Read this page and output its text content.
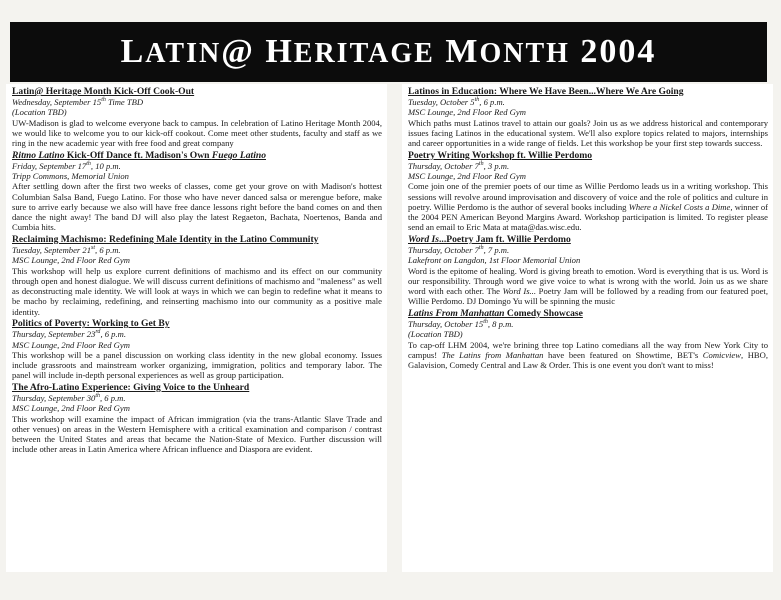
LATIN@ HERITAGE MONTH 2004
Latin@ Heritage Month Kick-Off Cook-Out
Wednesday, September 15th Time TBD
(Location TBD)
UW-Madison is glad to welcome everyone back to campus. In celebration of Latino Heritage Month 2004, we would like to welcome you to our kick-off cookout. Come meet other students, faculty and staff as we ring in the new academic year with free food and great company
Ritmo Latino Kick-Off Dance ft. Madison's Own Fuego Latino
Friday, September 17th, 10 p.m.
Tripp Commons, Memorial Union
After settling down after the first two weeks of classes, come get your grove on with Madison's hottest Columbian Salsa Band, Fuego Latino. For those who have never danced salsa or merengue before, make sure to arrive early because we also will have free dance lessons right before the band comes on and then dance the night away! The band DJ will also play the latest Regaeton, Bachata, Noertenos, Banda and Cumbia hits.
Reclaiming Machismo: Redefining Male Identity in the Latino Community
Tuesday, September 21st, 6 p.m.
MSC Lounge, 2nd Floor Red Gym
This workshop will help us explore current definitions of machismo and its effect on our community through open and honest dialogue. We will discuss current definitions of machismo and "maleness" as well as deconstructing male identity. We will look at ways in which we can begin to redefine what it means to be macho by reclaiming, redefining, and reinserting machismo into our community as a positive male identity.
Politics of Poverty: Working to Get By
Thursday, September 23rd, 6 p.m.
MSC Lounge, 2nd Floor Red Gym
This workshop will be a panel discussion on working class identity in the new global economy. Issues include grassroots and mainstream worker organizing, immigration, politics and temporary labor. The panel will include in-depth personal experiences as well as group participation.
The Afro-Latino Experience: Giving Voice to the Unheard
Thursday, September 30th, 6 p.m.
MSC Lounge, 2nd Floor Red Gym
This workshop will examine the impact of African immigration (via the trans-Atlantic Slave Trade and other venues) on areas in the Western Hemisphere with a critical examination and comparison / contrast between the United States and areas that became the Nation-State of Mexico. Further discussion will include other areas in Latin America where African influence and Diaspora are evident.
Latinos in Education: Where We Have Been...Where We Are Going
Tuesday, October 5th, 6 p.m.
MSC Lounge, 2nd Floor Red Gym
Which paths must Latinos travel to attain our goals? Join us as we address historical and contemporary issues facing Latinos in the educational system. We'll also explore topics related to majors, internships and career opportunities in a wide range of fields. Let this workshop be your first step towards success.
Poetry Writing Workshop ft. Willie Perdomo
Thursday, October 7th, 3 p.m.
MSC Lounge, 2nd Floor Red Gym
Come join one of the premier poets of our time as Willie Perdomo leads us in a writing workshop. This sessions will revolve around improvisation and discovery of voice and the role of politics and culture in poetry. Willie Perdomo is the author of several books including Where a Nickel Costs a Dime, winner of the 2004 PEN American Beyond Margins Award. Workshop participation is limited. To register please send an email to Eric Mata at mata@das.wisc.edu.
Word Is...Poetry Jam ft. Willie Perdomo
Thursday, October 7th, 7 p.m.
Lakefront on Langdon, 1st Floor Memorial Union
Word is the epitome of healing. Word is giving breath to emotion. Word is everything that is us. Word is our responsibility. Through word we give voice to what is wrong with the world. Join us as we share word with each other. The Word Is... Poetry Jam will be followed by a reading from our featured poet, Willie Perdomo. DJ Domingo Yu will be spinning the music
Latins From Manhattan Comedy Showcase
Thursday, October 15th, 8 p.m.
(Location TBD)
To cap-off LHM 2004, we're brining three top Latino comedians all the way from New York City to campus! The Latins from Manhattan have been featured on Showtime, BET's Comicview, HBO, Galavision, Comedy Central and Law & Order. This is one event you don't want to miss!
